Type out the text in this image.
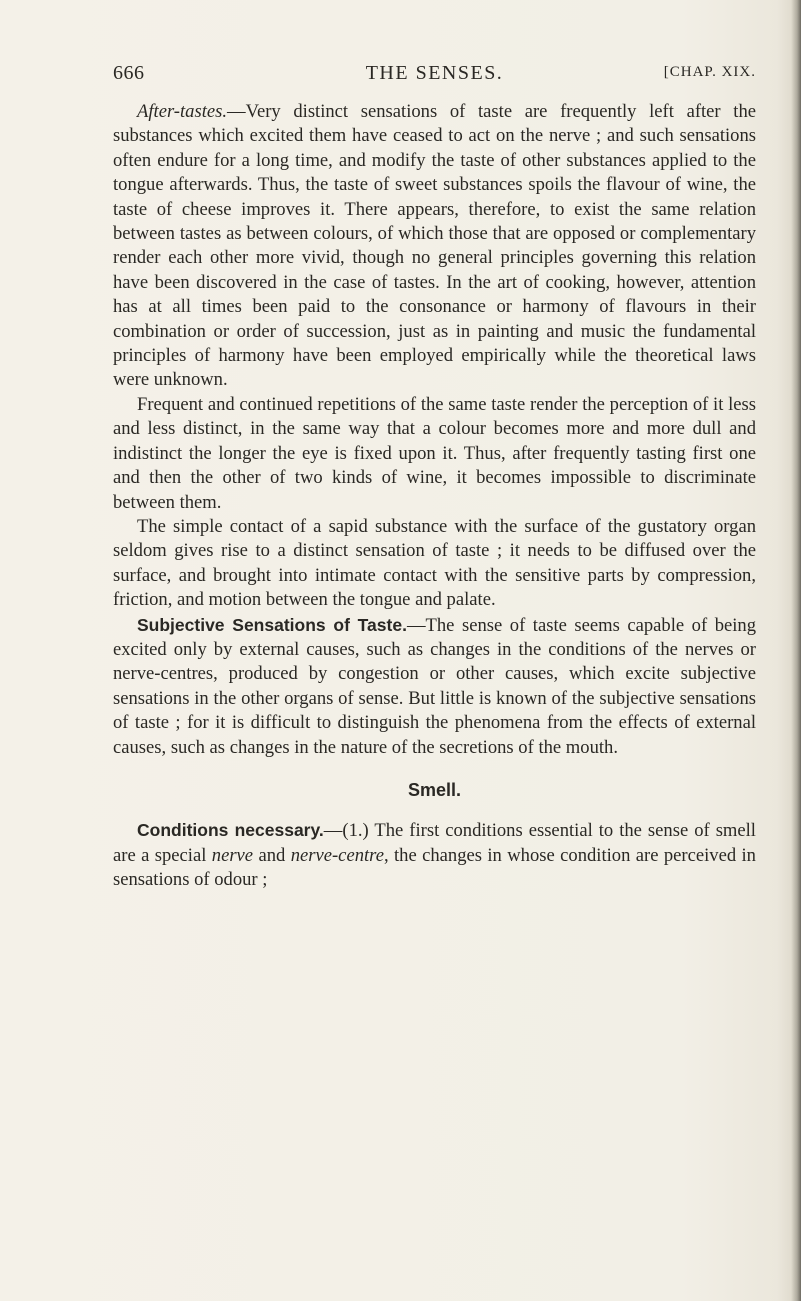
666	THE SENSES.	[CHAP. XIX.

After-tastes.—Very distinct sensations of taste are frequently left after the substances which excited them have ceased to act on the nerve ; and such sensations often endure for a long time, and modify the taste of other substances applied to the tongue afterwards. Thus, the taste of sweet substances spoils the flavour of wine, the taste of cheese improves it. There appears, therefore, to exist the same relation between tastes as between colours, of which those that are opposed or complementary render each other more vivid, though no general principles governing this relation have been discovered in the case of tastes. In the art of cooking, however, attention has at all times been paid to the consonance or harmony of flavours in their combination or order of succession, just as in painting and music the fundamental principles of harmony have been employed empirically while the theoretical laws were unknown.

Frequent and continued repetitions of the same taste render the perception of it less and less distinct, in the same way that a colour becomes more and more dull and indistinct the longer the eye is fixed upon it. Thus, after frequently tasting first one and then the other of two kinds of wine, it becomes impossible to discriminate between them.

The simple contact of a sapid substance with the surface of the gustatory organ seldom gives rise to a distinct sensation of taste ; it needs to be diffused over the surface, and brought into intimate contact with the sensitive parts by compression, friction, and motion between the tongue and palate.

Subjective Sensations of Taste.—The sense of taste seems capable of being excited only by external causes, such as changes in the conditions of the nerves or nerve-centres, produced by congestion or other causes, which excite subjective sensations in the other organs of sense. But little is known of the subjective sensations of taste ; for it is difficult to distinguish the phenomena from the effects of external causes, such as changes in the nature of the secretions of the mouth.

Smell.

Conditions necessary.—(1.) The first conditions essential to the sense of smell are a special nerve and nerve-centre, the changes in whose condition are perceived in sensations of odour ;
